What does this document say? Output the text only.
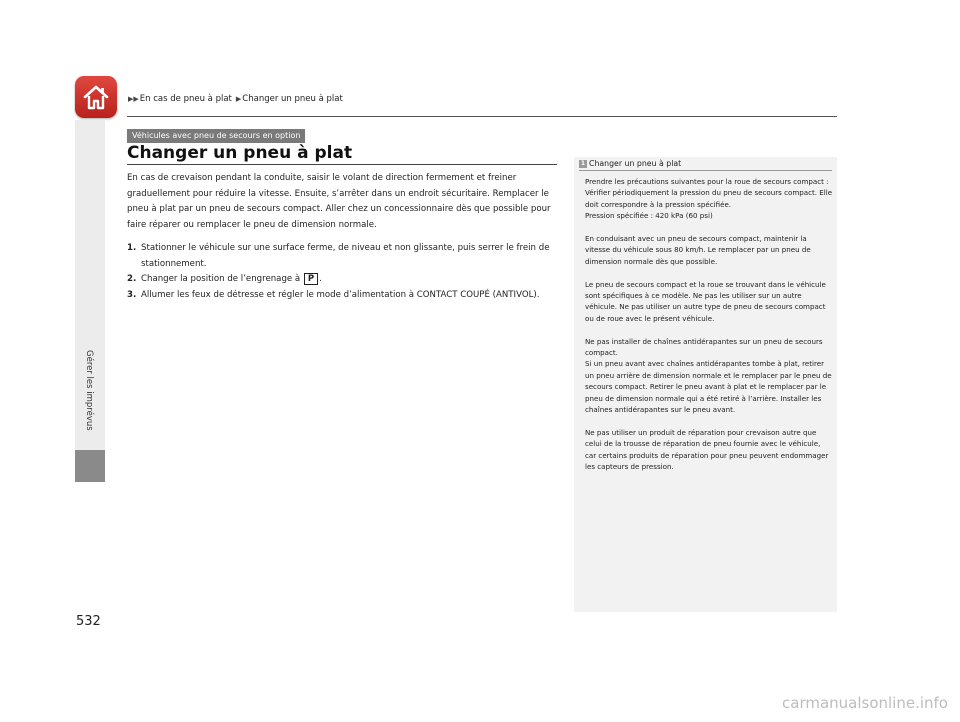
▶▶ En cas de pneu à plat ▶ Changer un pneu à plat
Gérer les imprévus
532
Véhicules avec pneu de secours en option
Changer un pneu à plat

En cas de crevaison pendant la conduite, saisir le volant de direction fermement et freiner graduellement pour réduire la vitesse. Ensuite, s’arrêter dans un endroit sécuritaire. Remplacer le pneu à plat par un pneu de secours compact. Aller chez un concessionnaire dès que possible pour faire réparer ou remplacer le pneu de dimension normale.

1. Stationner le véhicule sur une surface ferme, de niveau et non glissante, puis serrer le frein de stationnement.
2. Changer la position de l’engrenage à P .
3. Allumer les feux de détresse et régler le mode d’alimentation à CONTACT COUPÉ (ANTIVOL).
1 Changer un pneu à plat

Prendre les précautions suivantes pour la roue de secours compact :
Vérifier périodiquement la pression du pneu de secours compact. Elle doit correspondre à la pression spécifiée.
Pression spécifiée : 420 kPa (60 psi)

En conduisant avec un pneu de secours compact, maintenir la vitesse du véhicule sous 80 km/h. Le remplacer par un pneu de dimension normale dès que possible.

Le pneu de secours compact et la roue se trouvant dans le véhicule sont spécifiques à ce modèle. Ne pas les utiliser sur un autre véhicule. Ne pas utiliser un autre type de pneu de secours compact ou de roue avec le présent véhicule.

Ne pas installer de chaînes antidérapantes sur un pneu de secours compact.
Si un pneu avant avec chaînes antidérapantes tombe à plat, retirer un pneu arrière de dimension normale et le remplacer par le pneu de secours compact. Retirer le pneu avant à plat et le remplacer par le pneu de dimension normale qui a été retiré à l’arrière. Installer les chaînes antidérapantes sur le pneu avant.

Ne pas utiliser un produit de réparation pour crevaison autre que celui de la trousse de réparation de pneu fournie avec le véhicule, car certains produits de réparation pour pneu peuvent endommager les capteurs de pression.

carmanualsonline.info
